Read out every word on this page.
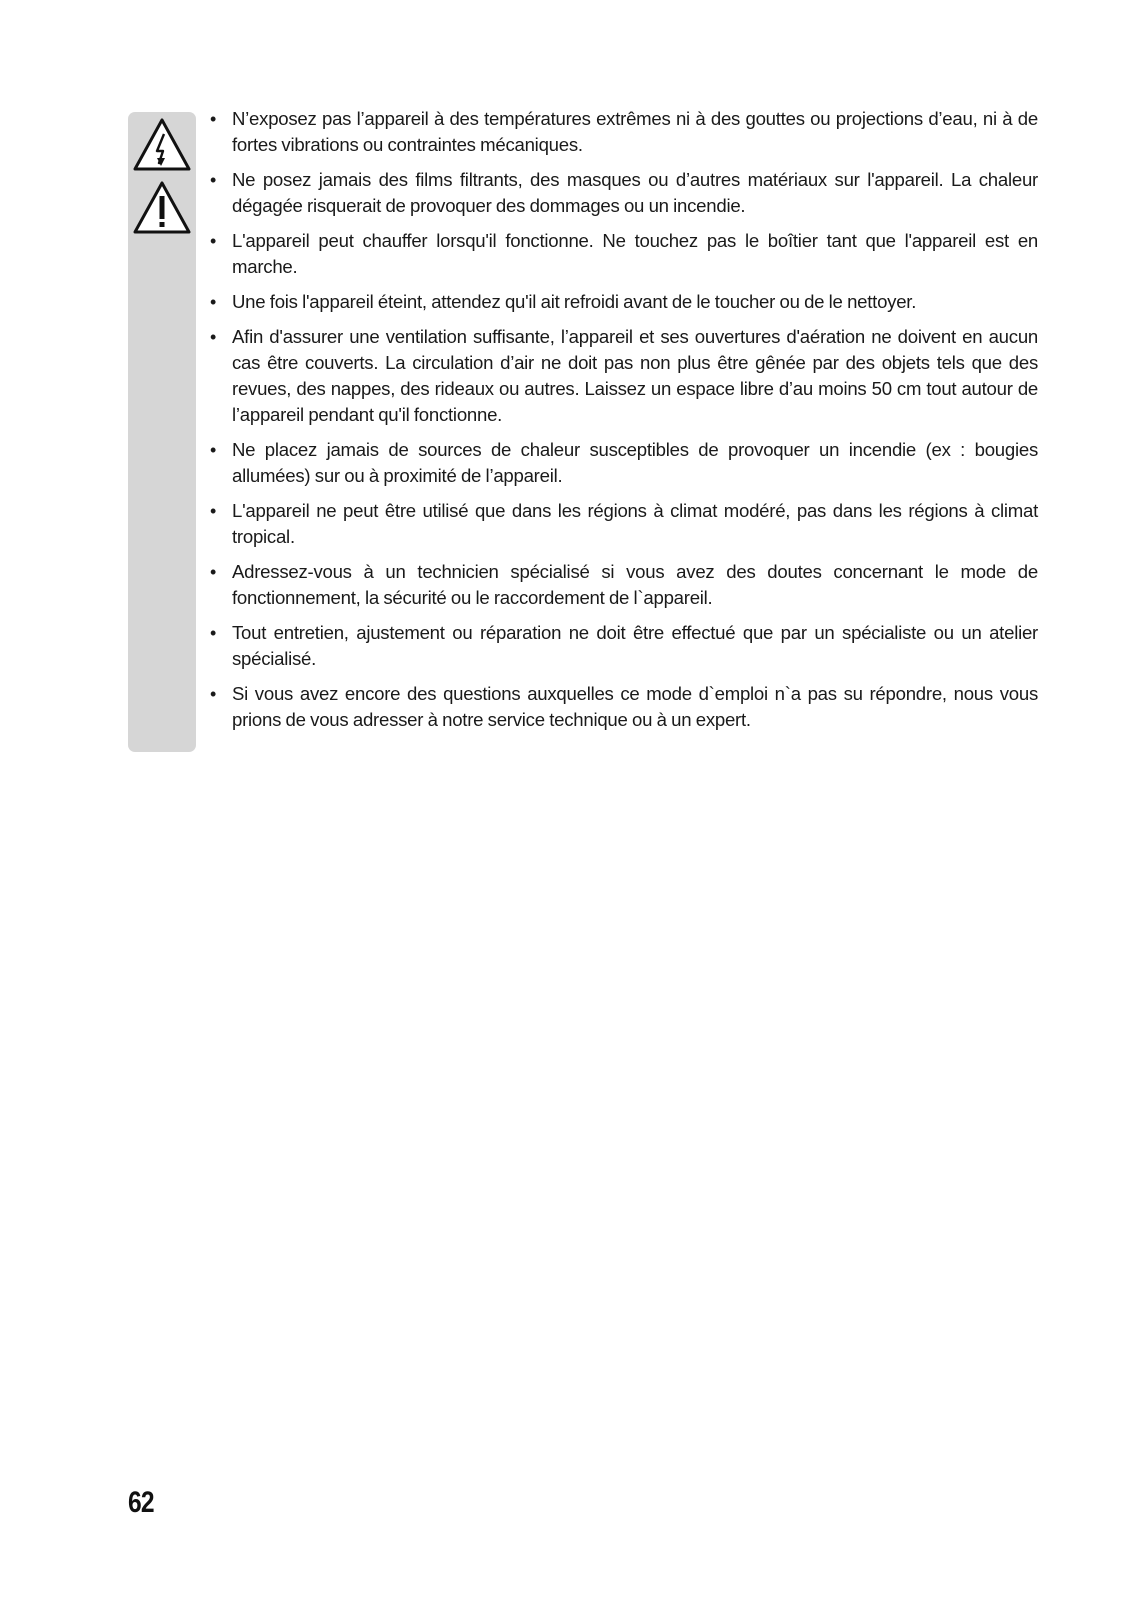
• N’exposez pas l’appareil à des températures extrêmes ni à des gouttes ou projections d’eau, ni à de fortes vibrations ou contraintes mécaniques.
• Ne posez jamais des films filtrants, des masques ou d’autres matériaux sur l'appareil. La chaleur dégagée risquerait de provoquer des dommages ou un incendie.
• L'appareil peut chauffer lorsqu'il fonctionne. Ne touchez pas le boîtier tant que l'appareil est en marche.
• Une fois l'appareil éteint, attendez qu'il ait refroidi avant de le toucher ou de le nettoyer.
• Afin d'assurer une ventilation suffisante, l’appareil et ses ouvertures d'aération ne doivent en aucun cas être couverts. La circulation d’air ne doit pas non plus être gênée par des objets tels que des revues, des nappes, des rideaux ou autres. Laissez un espace libre d’au moins 50 cm tout autour de l’appareil pendant qu'il fonctionne.
• Ne placez jamais de sources de chaleur susceptibles de provoquer un incendie (ex : bougies allumées) sur ou à proximité de l’appareil.
• L'appareil ne peut être utilisé que dans les régions à climat modéré, pas dans les régions à climat tropical.
• Adressez-vous à un technicien spécialisé si vous avez des doutes concernant le mode de fonctionnement, la sécurité ou le raccordement de l`appareil.
• Tout entretien, ajustement ou réparation ne doit être effectué que par un spécialiste ou un atelier spécialisé.
• Si vous avez encore des questions auxquelles ce mode d`emploi n`a pas su répondre, nous vous prions de vous adresser à notre service technique ou à un expert.
62
